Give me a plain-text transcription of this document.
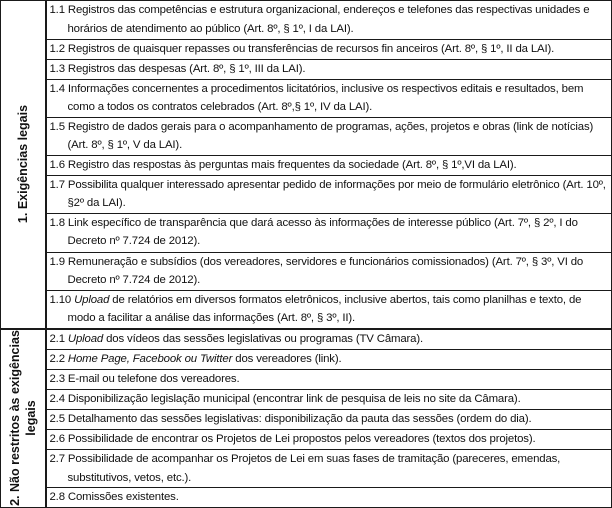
1. Exigências legais	1.1 Registros das competências e estrutura organizacional, endereços e telefones das respectivas unidades e horários de atendimento ao público (Art. 8º, § 1º, I da LAI).

	1.2 Registros de quaisquer repasses ou transferências de recursos fin anceiros (Art. 8º, § 1º, II da LAI).

	1.3 Registros das despesas (Art. 8º, § 1º, III da LAI).

	1.4 Informações concernentes a procedimentos licitatórios, inclusive os respectivos editais e resultados, bem como a todos os contratos celebrados (Art. 8º,§ 1º, IV da LAI).

	1.5 Registro de dados gerais para o acompanhamento de programas, ações, projetos e obras (link de notícias) (Art. 8º, § 1º, V da LAI).

	1.6 Registro das respostas às perguntas mais frequentes da sociedade (Art. 8º, § 1º,VI da LAI).

	1.7 Possibilita qualquer interessado apresentar pedido de informações por meio de formulário eletrônico (Art. 10º, §2º da LAI).

	1.8 Link específico de transparência que dará acesso às informações de interesse público (Art. 7º, § 2º, I do Decreto nº 7.724 de 2012).

	1.9 Remuneração e subsídios (dos vereadores, servidores e funcionários comissionados) (Art. 7º, § 3º, VI do Decreto nº 7.724 de 2012).

	1.10 Upload de relatórios em diversos formatos eletrônicos, inclusive abertos, tais como planilhas e texto, de modo a facilitar a análise das informações (Art. 8º, § 3º, II).

2. Não restritos às exigências legais	2.1 Upload dos vídeos das sessões legislativas ou programas (TV Câmara).

	2.2 Home Page, Facebook ou Twitter dos vereadores (link).

	2.3 E-mail ou telefone dos vereadores.

	2.4 Disponibilização legislação municipal (encontrar link de pesquisa de leis no site da Câmara).

	2.5 Detalhamento das sessões legislativas: disponibilização da pauta das sessões (ordem do dia).

	2.6 Possibilidade de encontrar os Projetos de Lei propostos pelos vereadores (textos dos projetos).

	2.7 Possibilidade de acompanhar os Projetos de Lei em suas fases de tramitação (pareceres, emendas, substitutivos, vetos, etc.).

	2.8 Comissões existentes.
